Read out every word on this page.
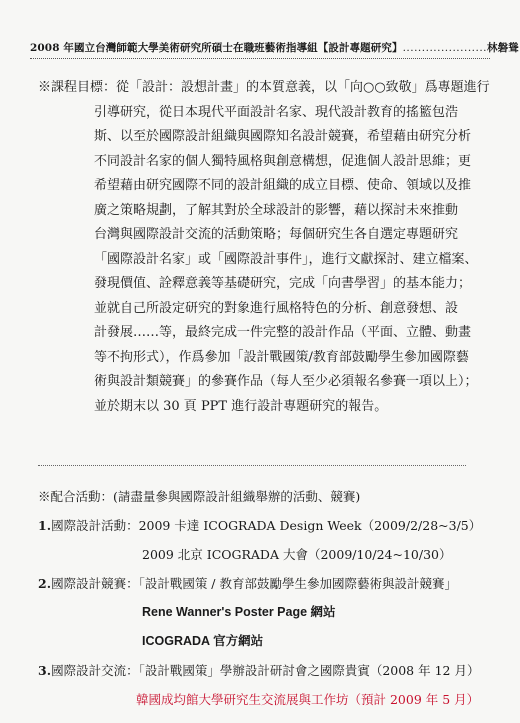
2008 年國立台灣師範大學美術研究所碩士在職班藝術指導組【設計專題研究】......................林磐聳
※課程目標：從「設計：設想計畫」的本質意義，以「向○○致敬」爲專題進行
引導研究，從日本現代平面設計名家、現代設計教育的搖籃包浩
斯、以至於國際設計組織與國際知名設計競賽，希望藉由研究分析
不同設計名家的個人獨特風格與創意構想，促進個人設計思維；更
希望藉由研究國際不同的設計組織的成立目標、使命、領域以及推
廣之策略規劃，了解其對於全球設計的影響，藉以探討未來推動
台灣與國際設計交流的活動策略；每個研究生各自選定專題研究
「國際設計名家」或「國際設計事件」，進行文獻探討、建立檔案、
發現價值、詮釋意義等基礎研究，完成「向書學習」的基本能力；
並就自己所設定研究的對象進行風格特色的分析、創意發想、設
計發展……等，最終完成一件完整的設計作品（平面、立體、動畫
等不拘形式），作爲參加「設計戰國策/教育部鼓勵學生參加國際藝
術與設計類競賽」的參賽作品（每人至少必須報名參賽一項以上）；
並於期末以 30 頁 PPT 進行設計專題研究的報告。
※配合活動：(請盡量參與國際設計組織舉辦的活動、競賽)
1.國際設計活動：2009 卡達 ICOGRADA Design Week（2009/2/28~3/5）
2009 北京 ICOGRADA 大會（2009/10/24~10/30）
2.國際設計競賽：「設計戰國策 / 教育部鼓勵學生參加國際藝術與設計競賽」
Rene Wanner's Poster Page 網站
ICOGRADA 官方網站
3.國際設計交流：「設計戰國策」學辦設計研討會之國際貴賓（2008 年 12 月）
韓國成均館大學研究生交流展與工作坊（預計 2009 年 5 月）
